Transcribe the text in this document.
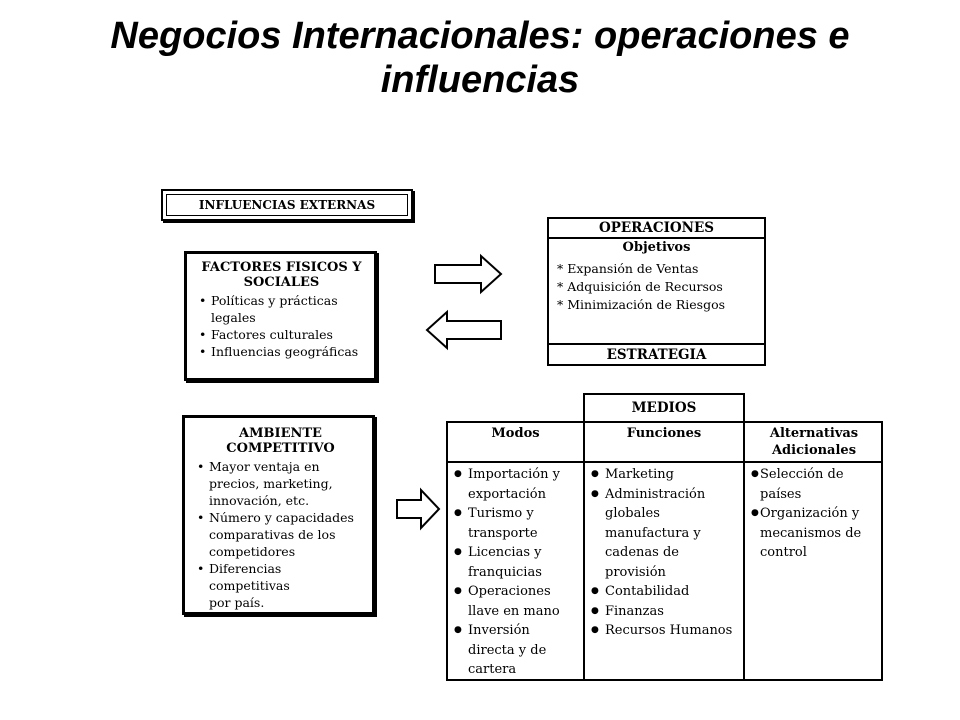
Negocios Internacionales: operaciones e
influencias
INFLUENCIAS EXTERNAS
FACTORES FISICOS Y
SOCIALES
• Políticas y prácticas
legales
• Factores culturales
• Influencias geográficas
AMBIENTE
COMPETITIVO
• Mayor ventaja en
precios, marketing,
innovación, etc.
• Número y capacidades
comparativas de los
competidores
• Diferencias competitivas
por país.
OPERACIONES
Objetivos
* Expansión de Ventas
* Adquisición de Recursos
* Minimización de Riesgos
ESTRATEGIA
MEDIOS
Modos	Funciones	Alternativas
Adicionales
● Importación y
exportación
● Turismo y
transporte
● Licencias y
franquicias
● Operaciones
llave en mano
● Inversión
directa y de
cartera
● Marketing
● Administración
globales
manufactura y
cadenas de
provisión
● Contabilidad
● Finanzas
● Recursos Humanos
● Selección de
países
● Organización y
mecanismos de
control
